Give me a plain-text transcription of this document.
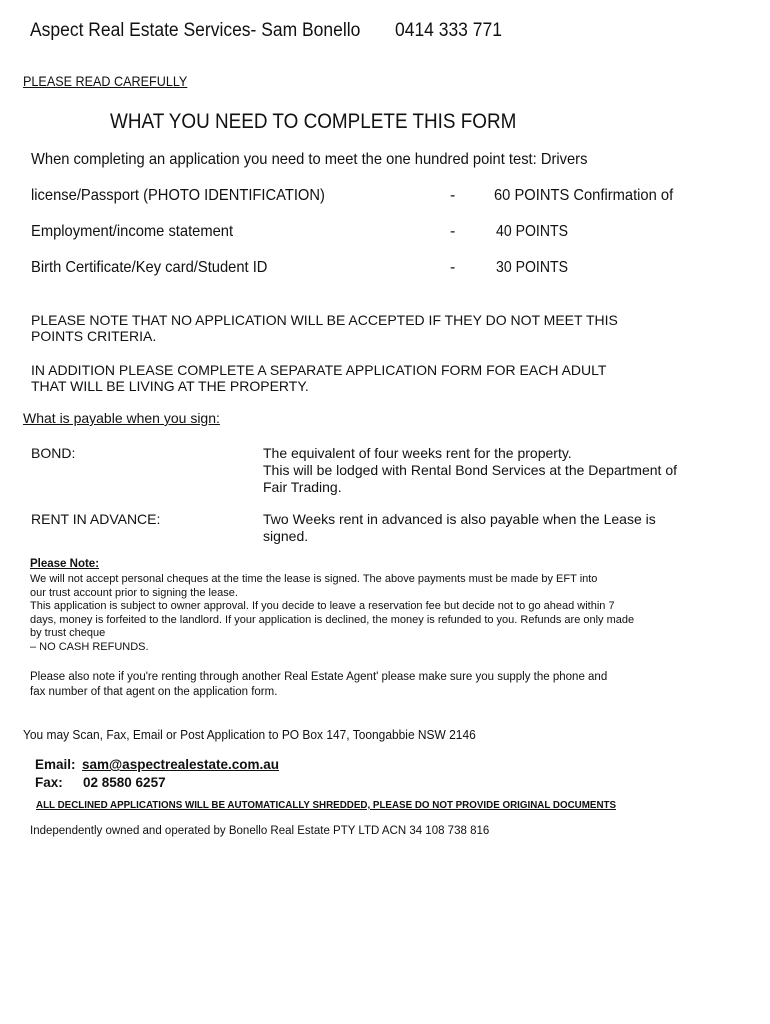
Aspect Real Estate Services- Sam Bonello 0414 333 771
PLEASE READ CAREFULLY
WHAT YOU NEED TO COMPLETE THIS FORM
When completing an application you need to meet the one hundred point test: Drivers
license/Passport (PHOTO IDENTIFICATION)	- 60 POINTS Confirmation of
Employment/income statement	-	40 POINTS
Birth Certificate/Key card/Student ID	-	30 POINTS
PLEASE NOTE THAT NO APPLICATION WILL BE ACCEPTED IF THEY DO NOT MEET THIS
POINTS CRITERIA.
IN ADDITION PLEASE COMPLETE A SEPARATE APPLICATION FORM FOR EACH ADULT
THAT WILL BE LIVING AT THE PROPERTY.
What is payable when you sign:
BOND:	The equivalent of four weeks rent for the property.
This will be lodged with Rental Bond Services at the Department of
Fair Trading.
RENT IN ADVANCE:	Two Weeks rent in advanced is also payable when the Lease is
signed.
Please Note:
We will not accept personal cheques at the time the lease is signed. The above payments must be made by EFT into
our trust account prior to signing the lease.
This application is subject to owner approval. If you decide to leave a reservation fee but decide not to go ahead within 7
days, money is forfeited to the landlord. If your application is declined, the money is refunded to you. Refunds are only made
by trust cheque
– NO CASH REFUNDS.
Please also note if you're renting through another Real Estate Agent' please make sure you supply the phone and
fax number of that agent on the application form.
You may Scan, Fax, Email or Post Application to PO Box 147, Toongabbie NSW 2146
Email: sam@aspectrealestate.com.au
Fax: 02 8580 6257
ALL DECLINED APPLICATIONS WILL BE AUTOMATICALLY SHREDDED, PLEASE DO NOT PROVIDE ORIGINAL DOCUMENTS
Independently owned and operated by Bonello Real Estate PTY LTD ACN 34 108 738 816
